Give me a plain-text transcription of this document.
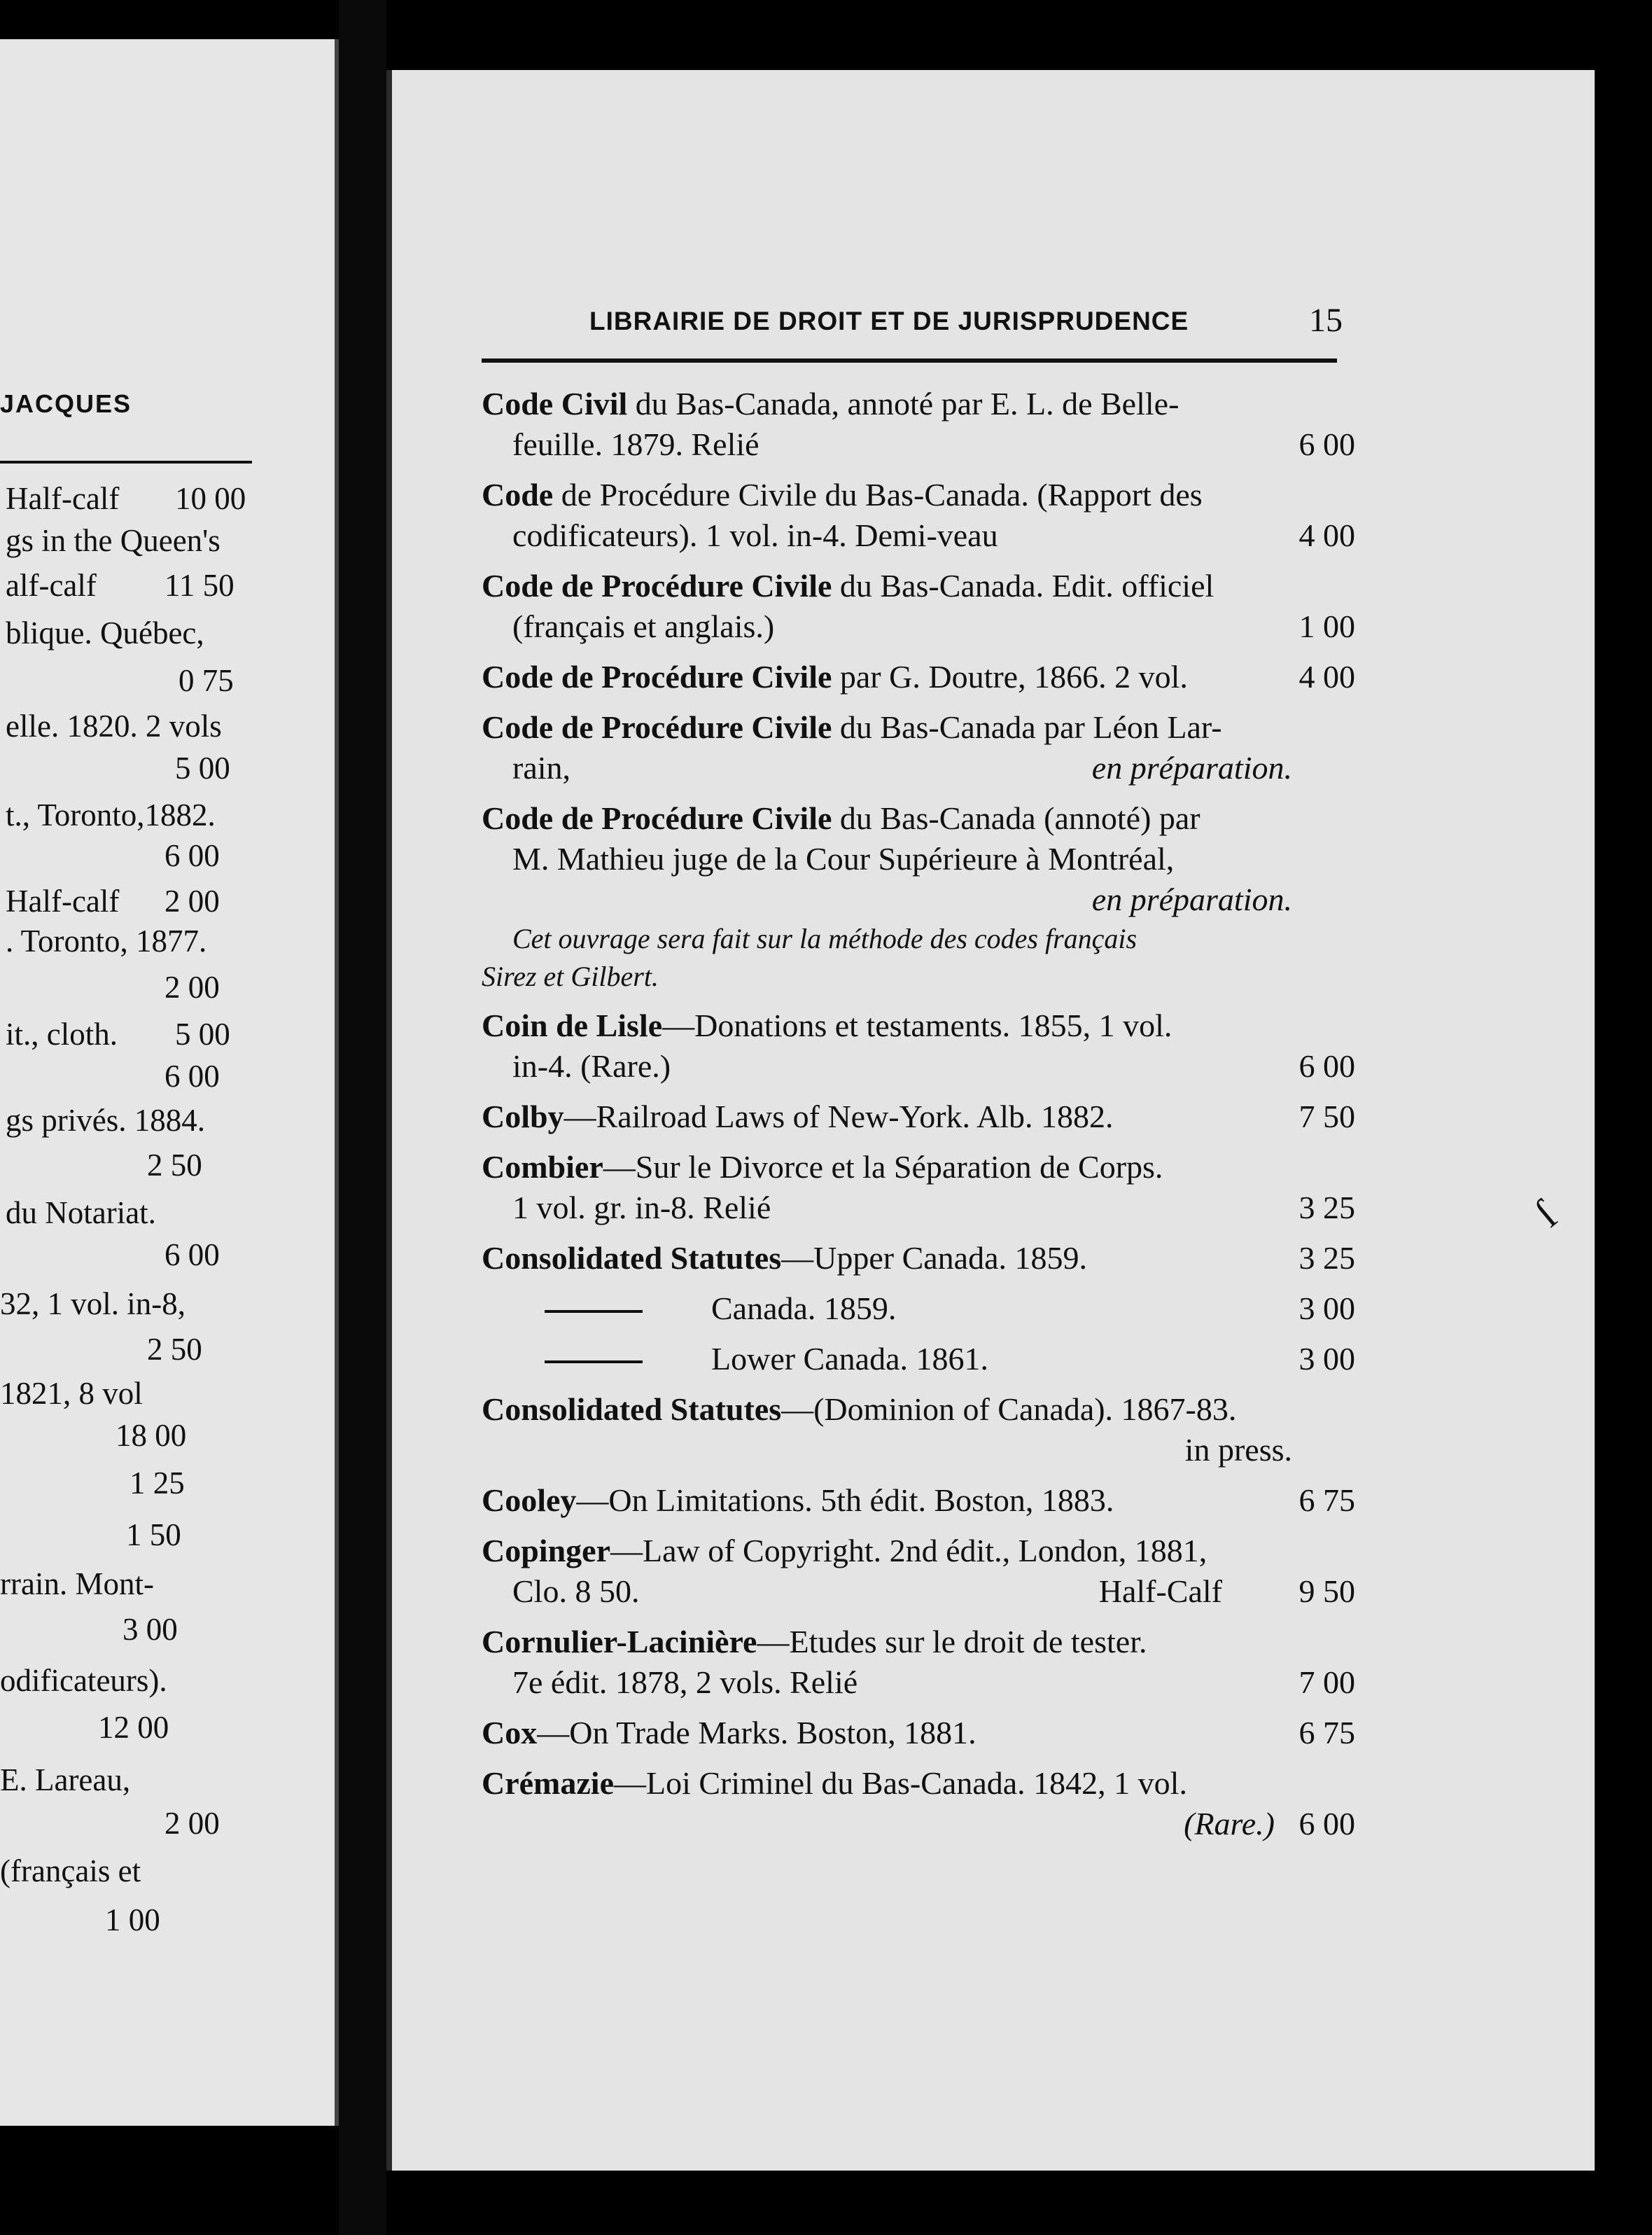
JACQUES
Half-calf 10 00
gs in the Queen's
alf-calf 11 50
blique. Québec,
0 75
elle. 1820. 2 vols
5 00
t., Toronto,1882.
6 00
Half-calf 2 00
. Toronto, 1877.
2 00
it., cloth. 5 00
6 00
gs privés. 1884.
2 50
du Notariat.
6 00
32, 1 vol. in-8,
2 50
1821, 8 vol
18 00
1 25
1 50
rrain. Mont-
3 00
odificateurs).
12 00
E. Lareau,
2 00
(français et
1 00
LIBRAIRIE DE DROIT ET DE JURISPRUDENCE	15
Code Civil du Bas-Canada, annoté par E. L. de Belle-
feuille. 1879. Relié	6 00
Code de Procédure Civile du Bas-Canada. (Rapport des
codificateurs). 1 vol. in-4. Demi-veau	4 00
Code de Procédure Civile du Bas-Canada. Edit. officiel
(français et anglais.)	1 00
Code de Procédure Civile par G. Doutre, 1866. 2 vol.	4 00
Code de Procédure Civile du Bas-Canada par Léon Lar-
rain,	en préparation.
Code de Procédure Civile du Bas-Canada (annoté) par
M. Mathieu juge de la Cour Supérieure à Montréal,
en préparation.
Cet ouvrage sera fait sur la méthode des codes français
Sirez et Gilbert.
Coin de Lisle—Donations et testaments. 1855, 1 vol.
in-4. (Rare.)	6 00
Colby—Railroad Laws of New-York. Alb. 1882.	7 50
Combier—Sur le Divorce et la Séparation de Corps.
1 vol. gr. in-8. Relié	3 25
Consolidated Statutes—Upper Canada. 1859.	3 25
Canada. 1859.	3 00
Lower Canada. 1861.	3 00
Consolidated Statutes—(Dominion of Canada). 1867-83.
in press.
Cooley—On Limitations. 5th édit. Boston, 1883.	6 75
Copinger—Law of Copyright. 2nd édit., London, 1881,
Clo. 8 50.	Half-Calf 9 50
Cornulier-Lacinière—Etudes sur le droit de tester.
7e édit. 1878, 2 vols. Relié	7 00
Cox—On Trade Marks. Boston, 1881.	6 75
Crémazie—Loi Criminel du Bas-Canada. 1842, 1 vol.
(Rare.) 6 00
ſ
